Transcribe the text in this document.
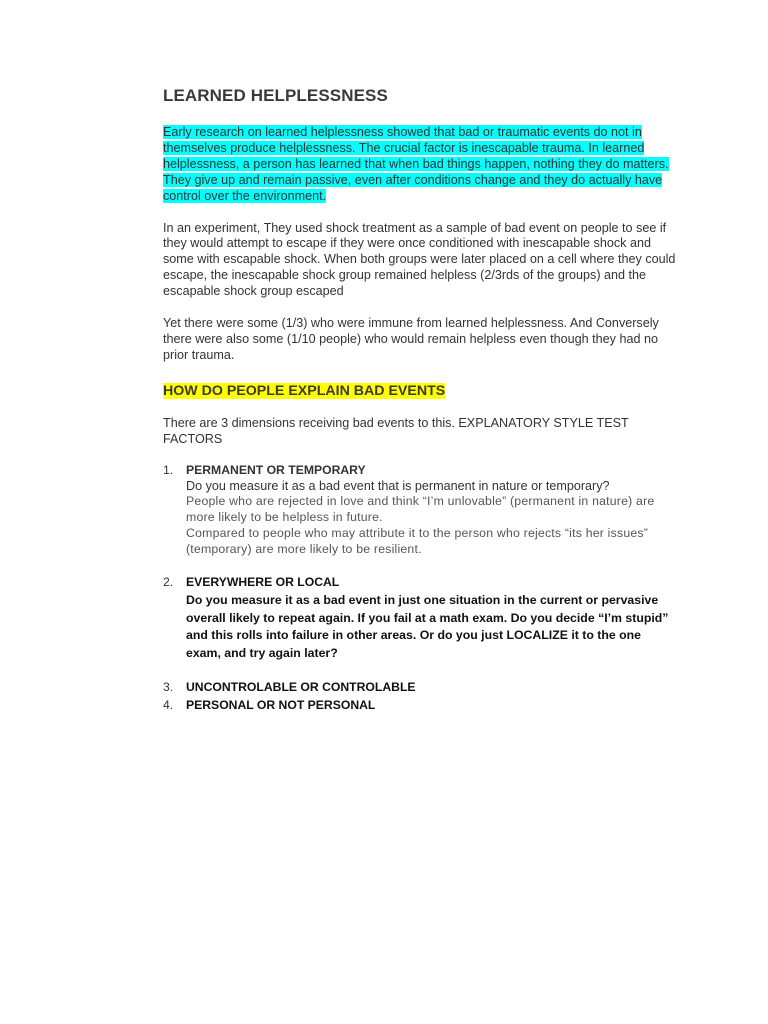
LEARNED HELPLESSNESS

Early research on learned helplessness showed that bad or traumatic events do not in themselves produce helplessness. The crucial factor is inescapable trauma. In learned helplessness, a person has learned that when bad things happen, nothing they do matters. They give up and remain passive, even after conditions change and they do actually have control over the environment.

In an experiment, They used shock treatment as a sample of bad event on people to see if they would attempt to escape if they were once conditioned with inescapable shock and some with escapable shock. When both groups were later placed on a cell where they could escape, the inescapable shock group remained helpless (2/3rds of the groups) and the escapable shock group escaped

Yet there were some (1/3) who were immune from learned helplessness. And Conversely there were also some (1/10 people) who would remain helpless even though they had no prior trauma.

HOW DO PEOPLE EXPLAIN BAD EVENTS

There are 3 dimensions receiving bad events to this. EXPLANATORY STYLE TEST FACTORS

1. PERMANENT OR TEMPORARY
Do you measure it as a bad event that is permanent in nature or temporary?
People who are rejected in love and think “I’m unlovable” (permanent in nature) are more likely to be helpless in future.
Compared to people who may attribute it to the person who rejects “its her issues” (temporary) are more likely to be resilient.
2. EVERYWHERE OR LOCAL
Do you measure it as a bad event in just one situation in the current or pervasive overall likely to repeat again. If you fail at a math exam. Do you decide “I’m stupid” and this rolls into failure in other areas. Or do you just LOCALIZE it to the one exam, and try again later?
3. UNCONTROLABLE OR CONTROLABLE
4. PERSONAL OR NOT PERSONAL
